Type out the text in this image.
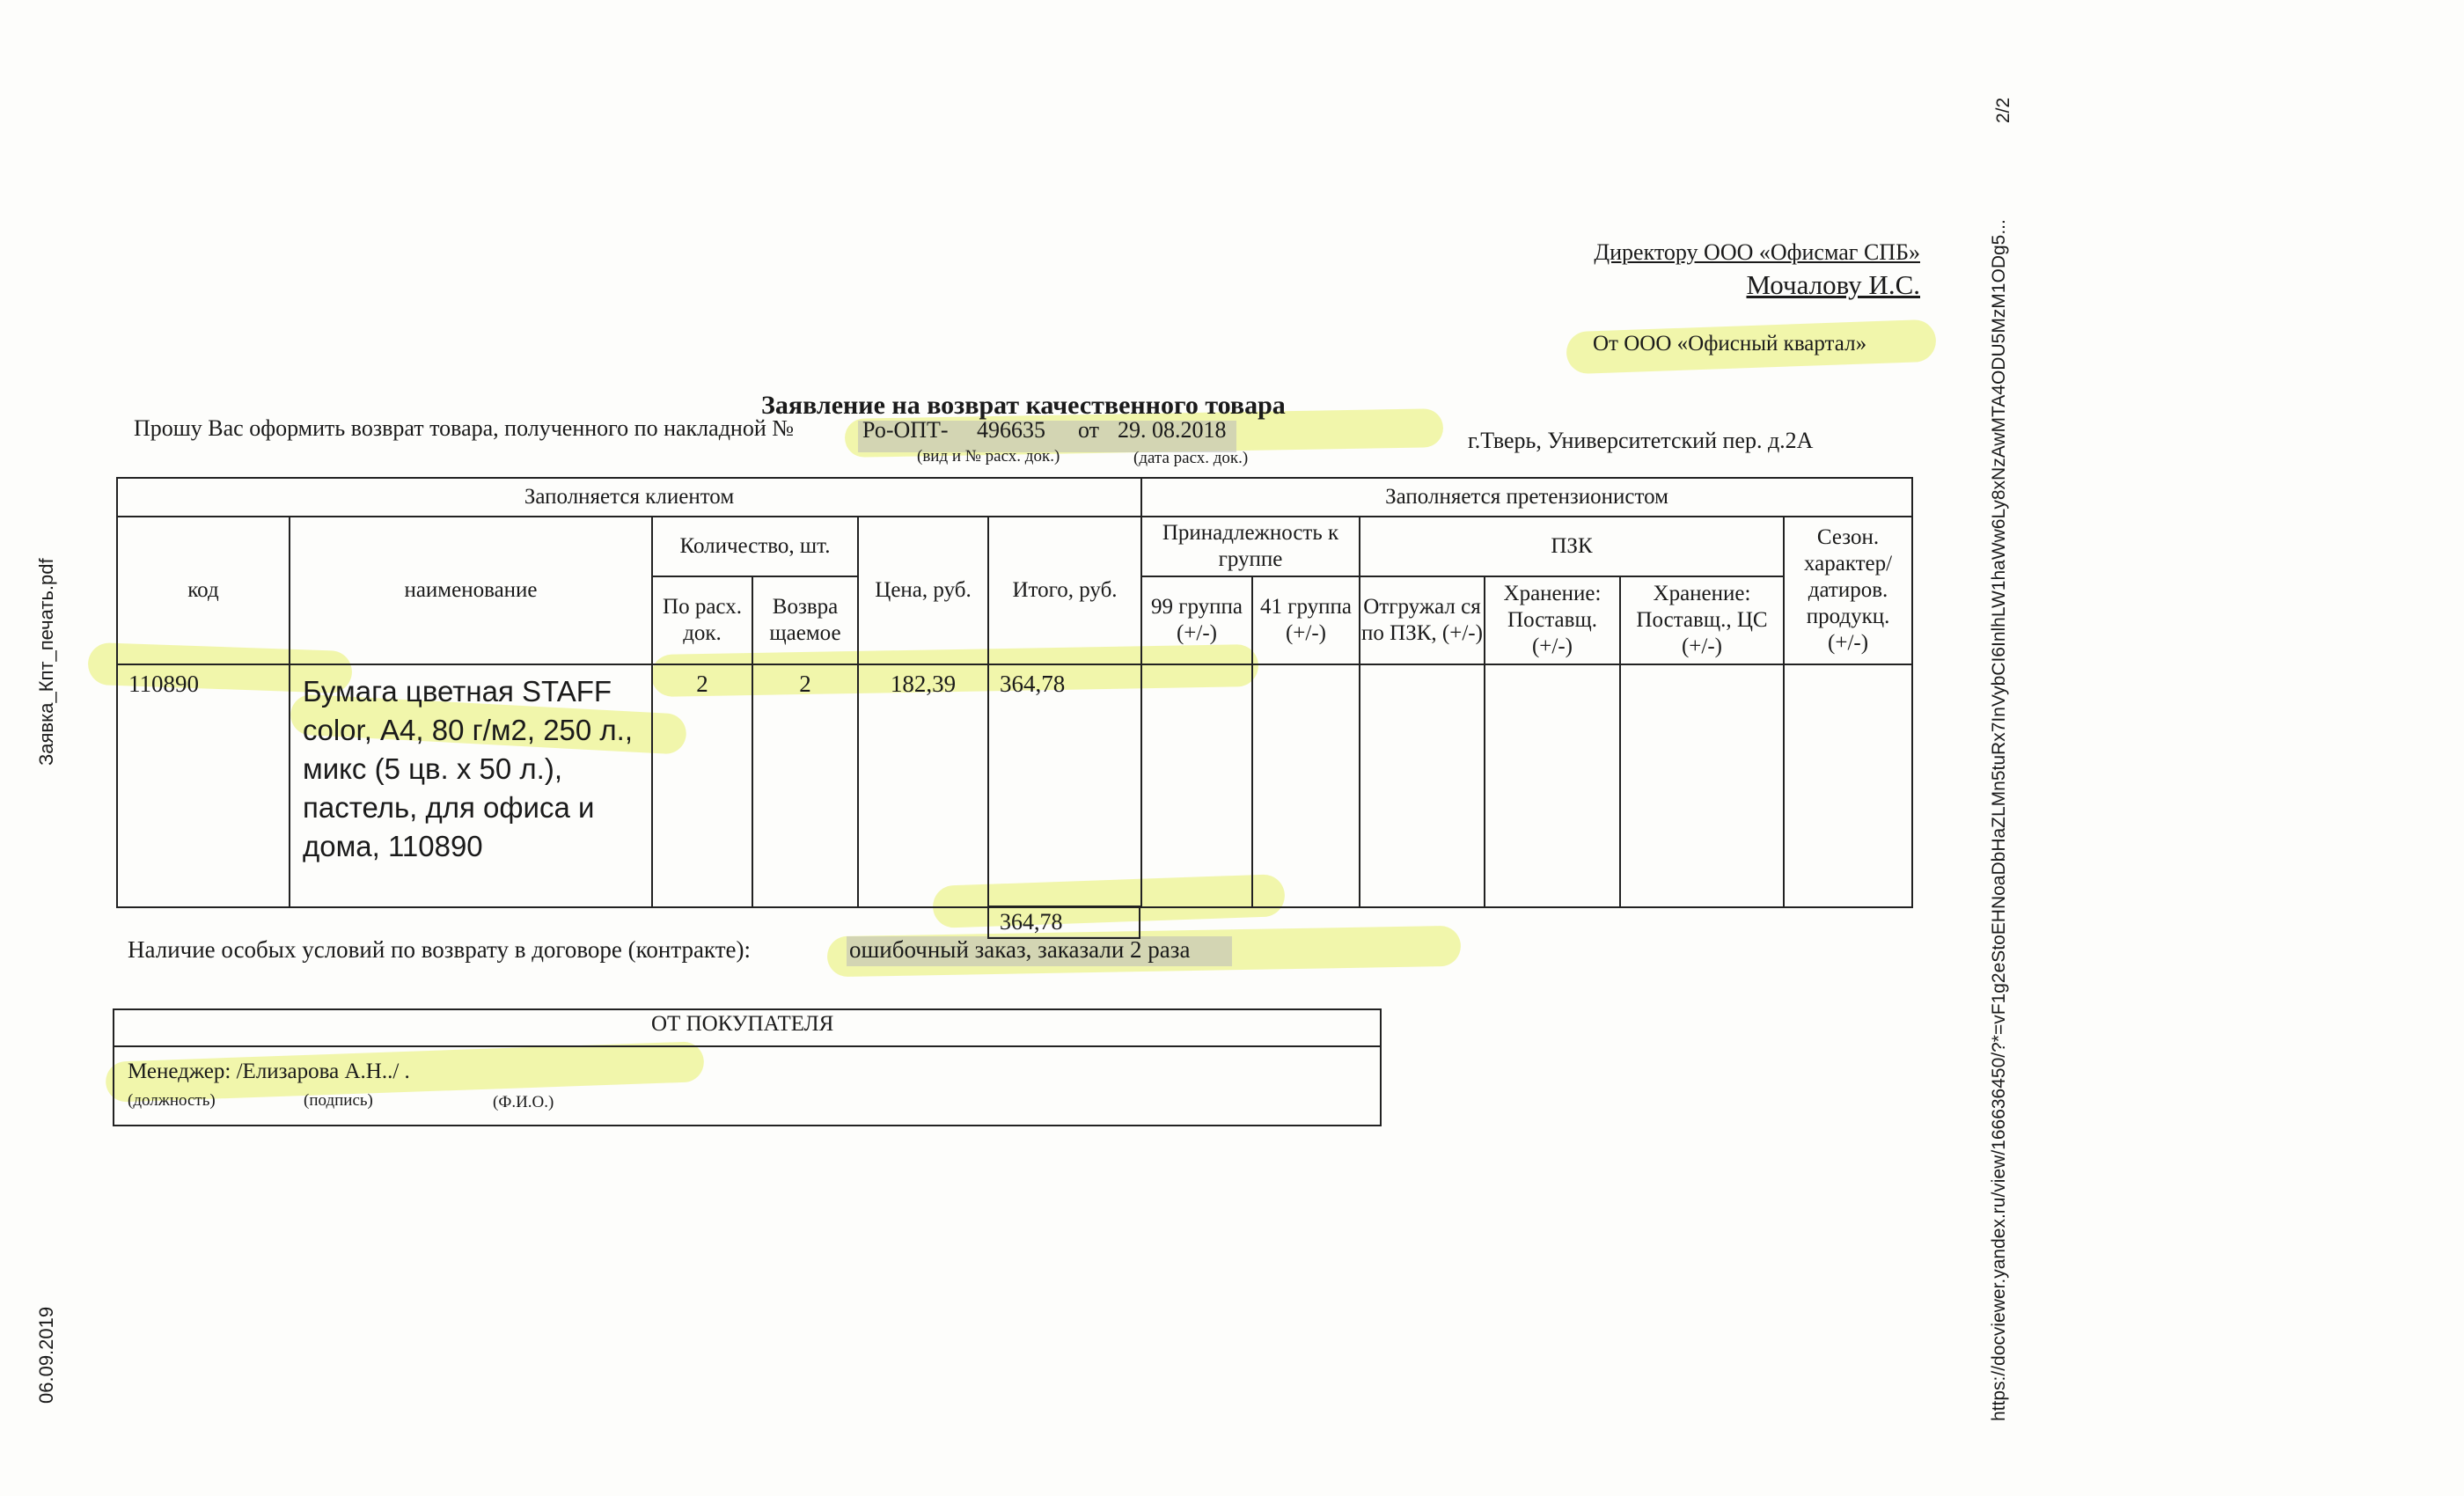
Заявка_Кпт_печать.pdf
06.09.2019	https://docviewer.yandex.ru/view/166636450/?*=vF1g2eStoEHNoaDbHaZLMn5tuRx7InVybCI6InlhLW1haWw6Ly8xNzAwMTA4ODU5MzM1ODg5...
2/2
Директору ООО «Офисмаг СПБ»
Мочалову И.С.
От ООО «Офисный квартал»
Заявление на возврат качественного товара
Прошу Вас оформить возврат товара, полученного по накладной №	Ро-ОПТ- 496635 от 29. 08.2018
(вид и № расх. док.)	(дата расх. док.)
г.Тверь, Университетский пер. д.2А
Заполняется клиентом						Заполняется претензионистом					
код	наименование	Количество, шт.		Цена, руб.	Итого, руб.	Принадлежность к группе		ПЗК			Сезон. характер/ датиров. продукц. (+/-)
		По расх. док.	Возвра щаемое			99 группа (+/-)	41 группа (+/-)	Отгружал ся по ПЗК, (+/-)	Хранение: Поставщ. (+/-)	Хранение: Поставщ., ЦС (+/-)	
110890	Бумага цветная STAFF color, А4, 80 г/м2, 250 л., микс (5 цв. х 50 л.), пастель, для офиса и дома, 110890	2	2	182,39	364,78						
364,78
Наличие особых условий по возврату в договоре (контракте):	ошибочный заказ, заказали 2 раза
ОТ ПОКУПАТЕЛЯ
Менеджер: /Елизарова А.Н../ .
(должность)	(подпись)	(Ф.И.О.)
